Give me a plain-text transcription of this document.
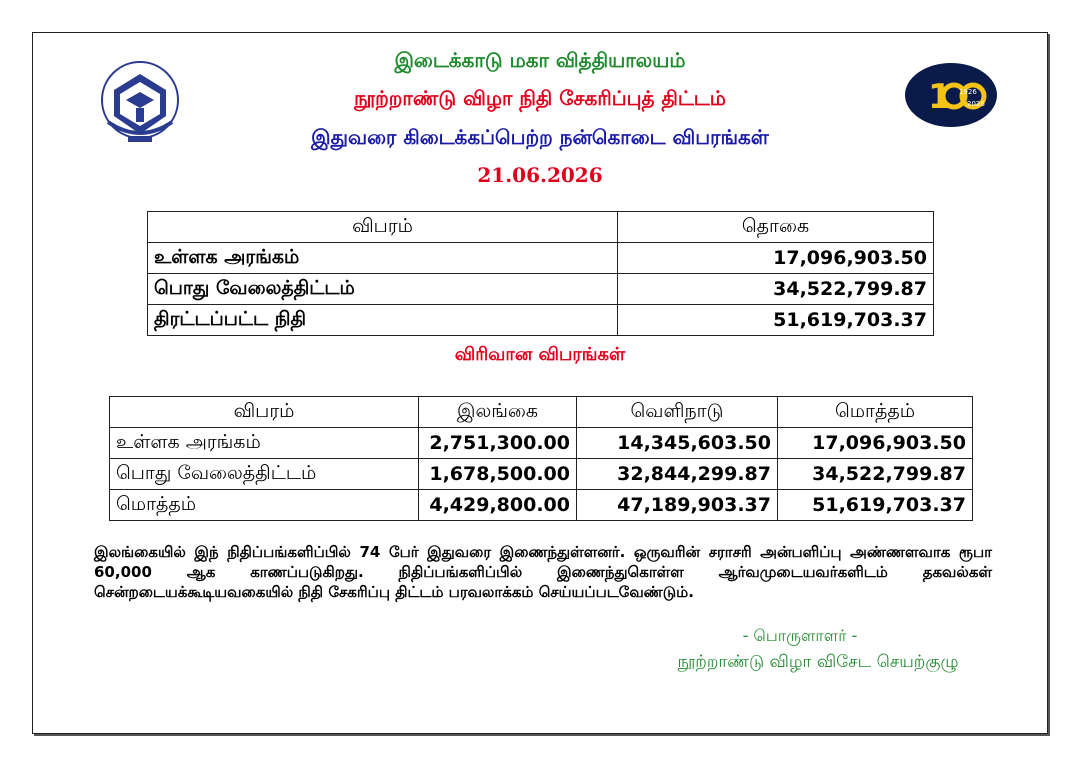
1 1926
2026
இடைக்காடு மகா வித்தியாலயம்
நூற்றாண்டு விழா நிதி சேகரிப்புத் திட்டம்
இதுவரை கிடைக்கப்பெற்ற நன்கொடை விபரங்கள்
21.06.2026
விபரம்	தொகை
உள்ளக அரங்கம்	17,096,903.50
பொது வேலைத்திட்டம்	34,522,799.87
திரட்டப்பட்ட நிதி	51,619,703.37
விரிவான விபரங்கள்
விபரம்	இலங்கை	வெளிநாடு	மொத்தம்
உள்ளக அரங்கம்	2,751,300.00	14,345,603.50	17,096,903.50
பொது வேலைத்திட்டம்	1,678,500.00	32,844,299.87	34,522,799.87
மொத்தம்	4,429,800.00	47,189,903.37	51,619,703.37
இலங்கையில் இந் நிதிப்பங்களிப்பில் 74 பேர் இதுவரை இணைந்துள்ளனர். ஒருவரின் சராசரி அன்பளிப்பு அண்ணளவாக ரூபா 60,000 ஆக காணப்படுகிறது. நிதிப்பங்களிப்பில் இணைந்துகொள்ள ஆர்வமுடையவர்களிடம் தகவல்கள் சென்றடையக்கூடியவகையில் நிதி சேகரிப்பு திட்டம் பரவலாக்கம் செய்யப்படவேண்டும்.
- பொருளாளர் -
நூற்றாண்டு விழா விசேட செயற்குழு
